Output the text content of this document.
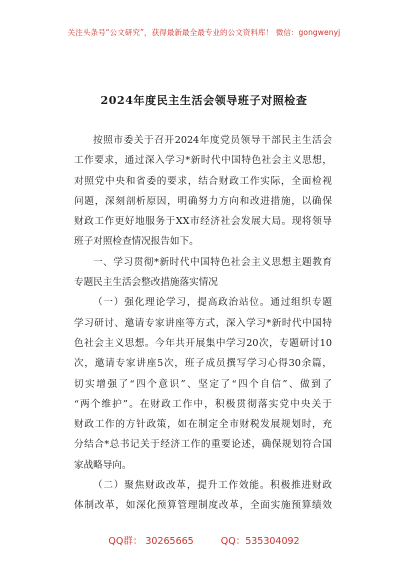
关注头条号“公文研究”，获得最新最全最专业的公文资料库！ 微信：gongwenyj
2024年度民主生活会领导班子对照检查
按照市委关于召开2024年度党员领导干部民主生活会
工作要求，通过深入学习*新时代中国特色社会主义思想，
对照党中央和省委的要求，结合财政工作实际，全面检视
问题，深刻剖析原因，明确努力方向和改进措施，以确保
财政工作更好地服务于XX市经济社会发展大局。现将领导
班子对照检查情况报告如下。
一、学习贯彻*新时代中国特色社会主义思想主题教育
专题民主生活会整改措施落实情况
（一）强化理论学习，提高政治站位。通过组织专题
学习研讨、邀请专家讲座等方式，深入学习*新时代中国特
色社会主义思想。今年共开展集中学习20次，专题研讨10
次，邀请专家讲座5次，班子成员撰写学习心得30余篇，
切实增强了“四个意识”、坚定了“四个自信”、做到了
“两个维护”。在财政工作中，积极贯彻落实党中央关于
财政工作的方针政策，如在制定全市财税发展规划时，充
分结合*总书记关于经济工作的重要论述，确保规划符合国
家战略导向。
（二）聚焦财政改革，提升工作效能。积极推进财政
体制改革，如深化预算管理制度改革，全面实施预算绩效
QQ群： 30265665	QQ：535304092
